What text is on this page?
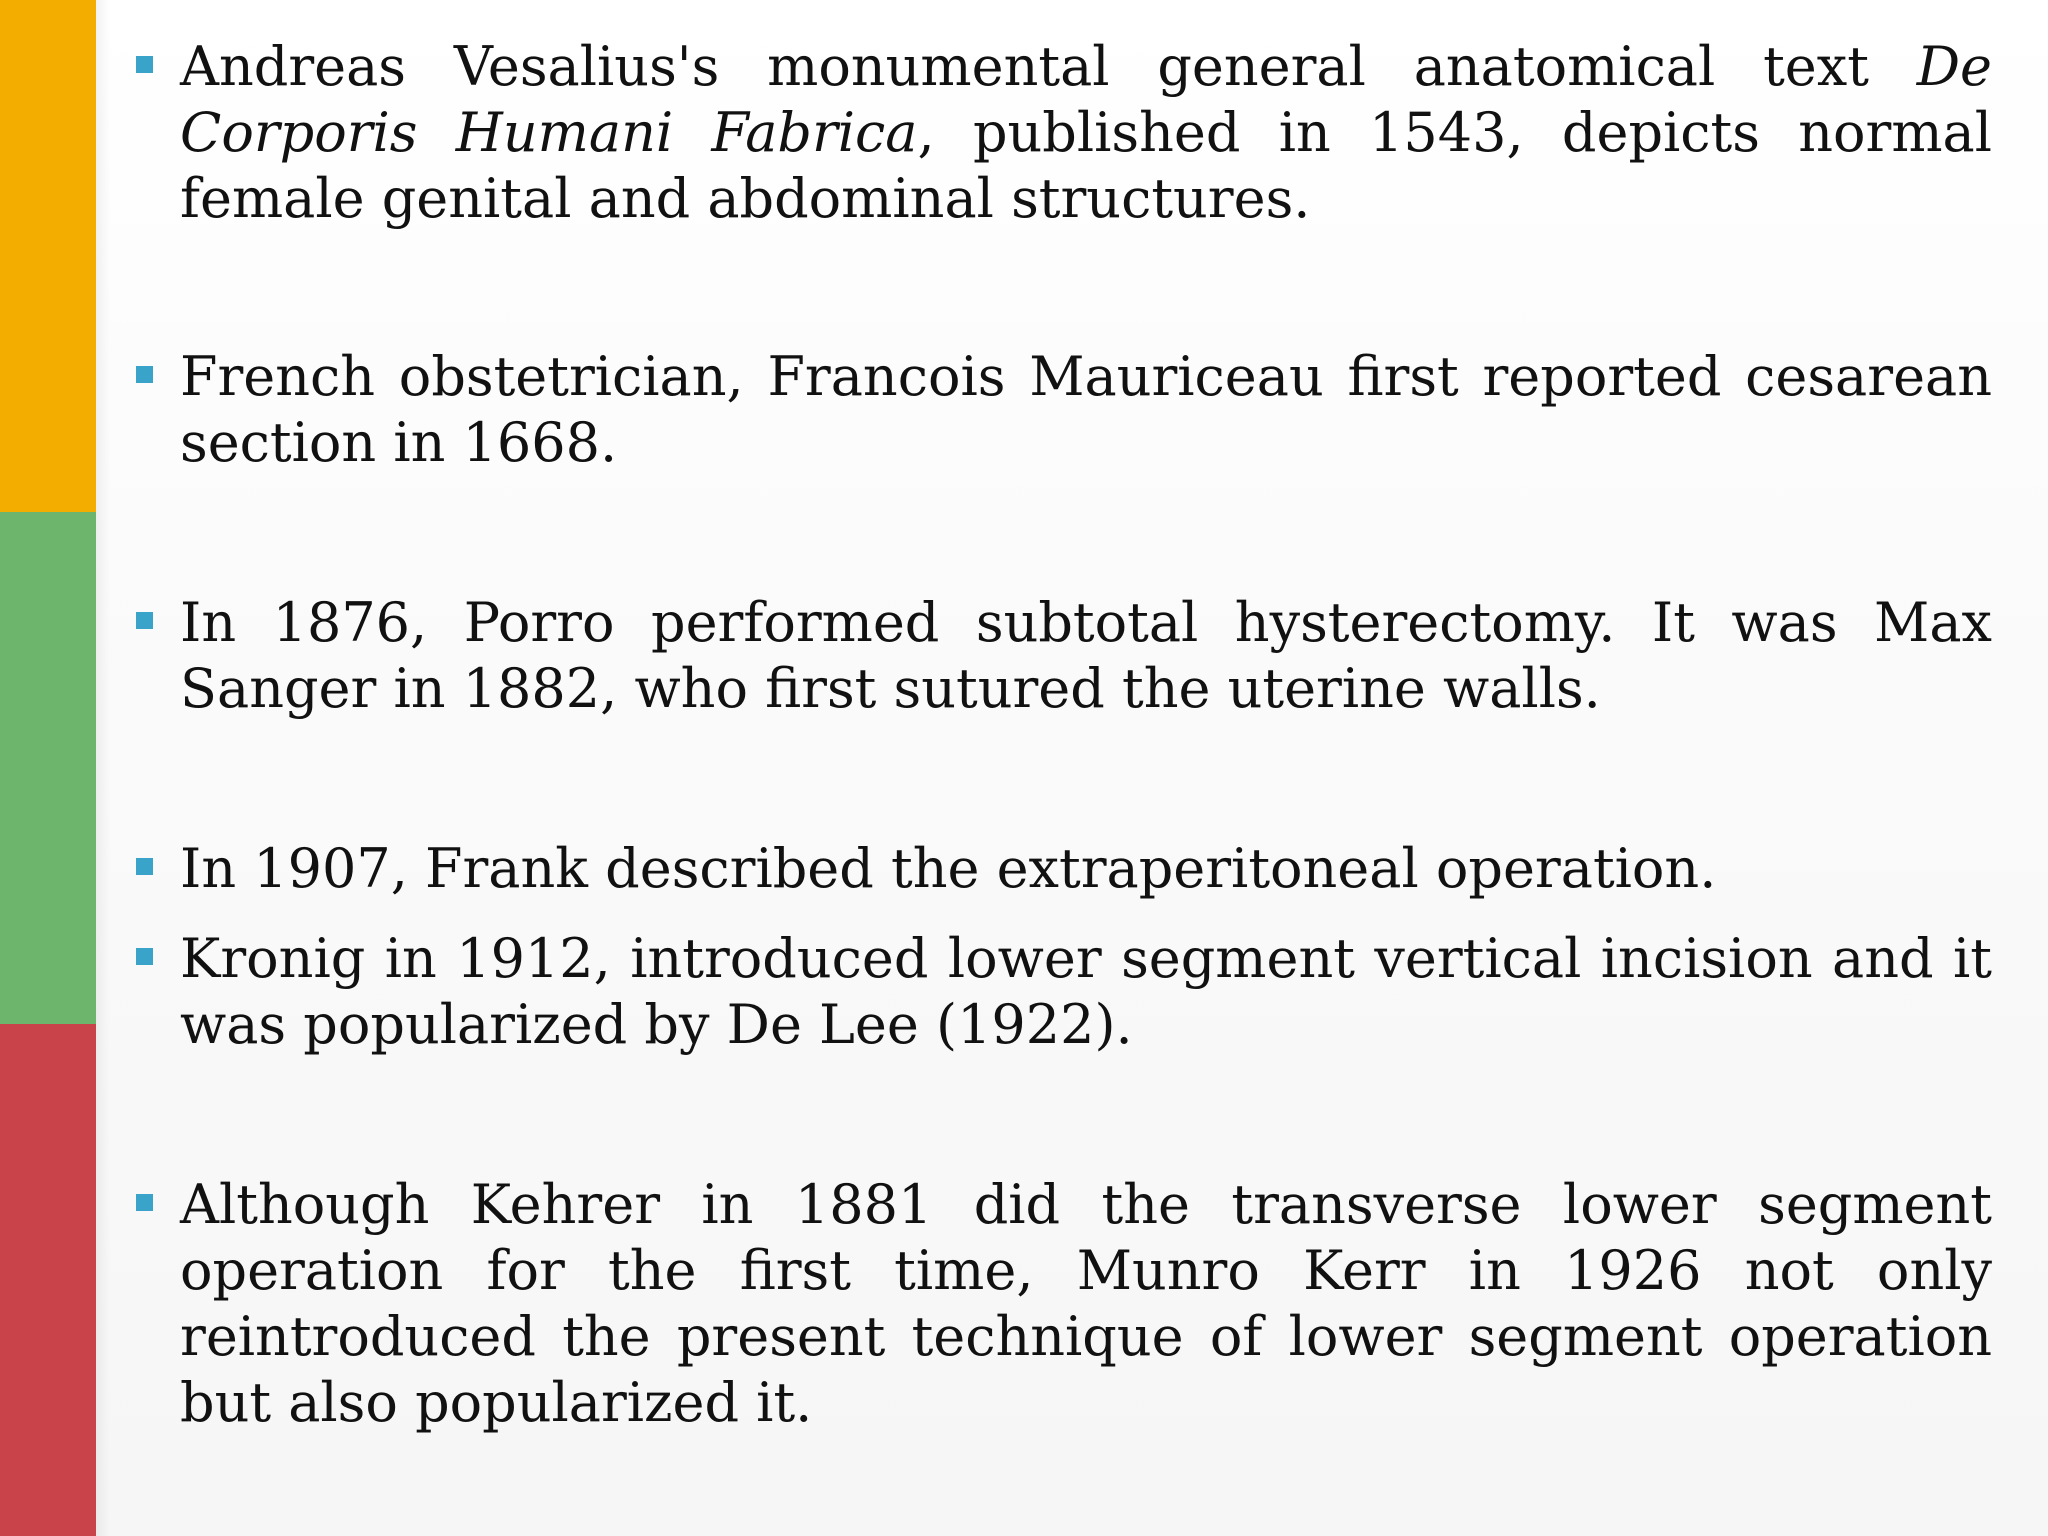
Andreas Vesalius's monumental general anatomical text De Corporis Humani Fabrica, published in 1543, depicts normal female genital and abdominal structures.

French obstetrician, Francois Mauriceau first reported cesarean section in 1668.

In 1876, Porro performed subtotal hysterectomy. It was Max Sanger in 1882, who first sutured the uterine walls.

In 1907, Frank described the extraperitoneal operation.

Kronig in 1912, introduced lower segment vertical incision and it was popularized by De Lee (1922).

Although Kehrer in 1881 did the transverse lower segment operation for the first time, Munro Kerr in 1926 not only reintroduced the present technique of lower segment operation but also popularized it.
